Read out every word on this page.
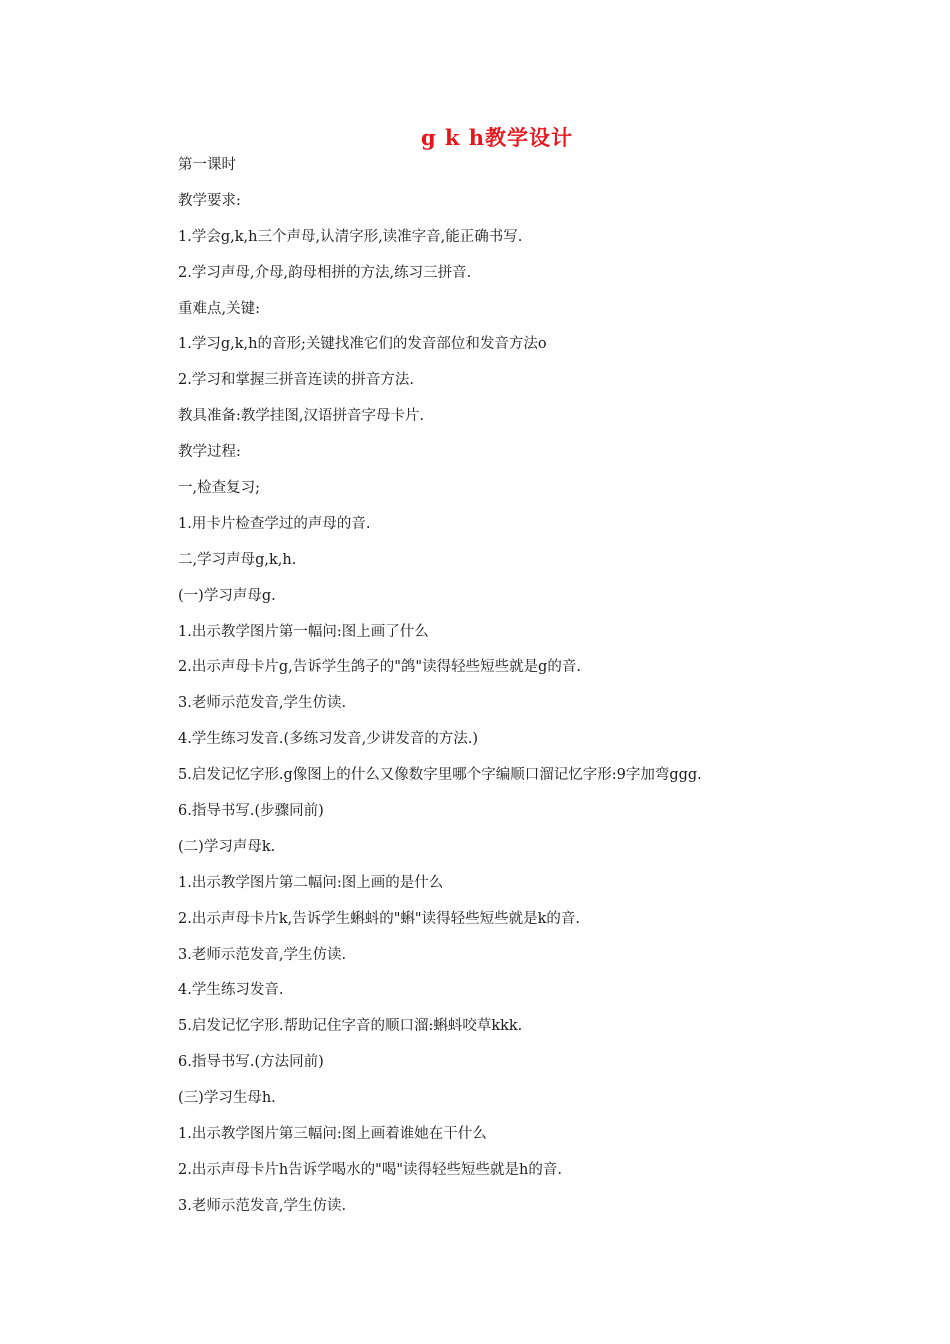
g k h教学设计
第一课时
教学要求:
1.学会g,k,h三个声母,认清字形,读准字音,能正确书写.
2.学习声母,介母,韵母相拼的方法,练习三拼音.
重难点,关键:
1.学习g,k,h的音形;关键找准它们的发音部位和发音方法o
2.学习和掌握三拼音连读的拼音方法.
教具准备:教学挂图,汉语拼音字母卡片.
教学过程:
一,检查复习;
1.用卡片检查学过的声母的音.
二,学习声母g,k,h.
(一)学习声母g.
1.出示教学图片第一幅问:图上画了什么
2.出示声母卡片g,告诉学生鸽子的"鸽"读得轻些短些就是g的音.
3.老师示范发音,学生仿读.
4.学生练习发音.(多练习发音,少讲发音的方法.)
5.启发记忆字形.g像图上的什么又像数字里哪个字编顺口溜记忆字形:9字加弯ggg.
6.指导书写.(步骤同前)
(二)学习声母k.
1.出示教学图片第二幅问:图上画的是什么
2.出示声母卡片k,告诉学生蝌蚪的"蝌"读得轻些短些就是k的音.
3.老师示范发音,学生仿读.
4.学生练习发音.
5.启发记忆字形.帮助记住字音的顺口溜:蝌蚪咬草kkk.
6.指导书写.(方法同前)
(三)学习生母h.
1.出示教学图片第三幅问:图上画着谁她在干什么
2.出示声母卡片h告诉学喝水的"喝"读得轻些短些就是h的音.
3.老师示范发音,学生仿读.
